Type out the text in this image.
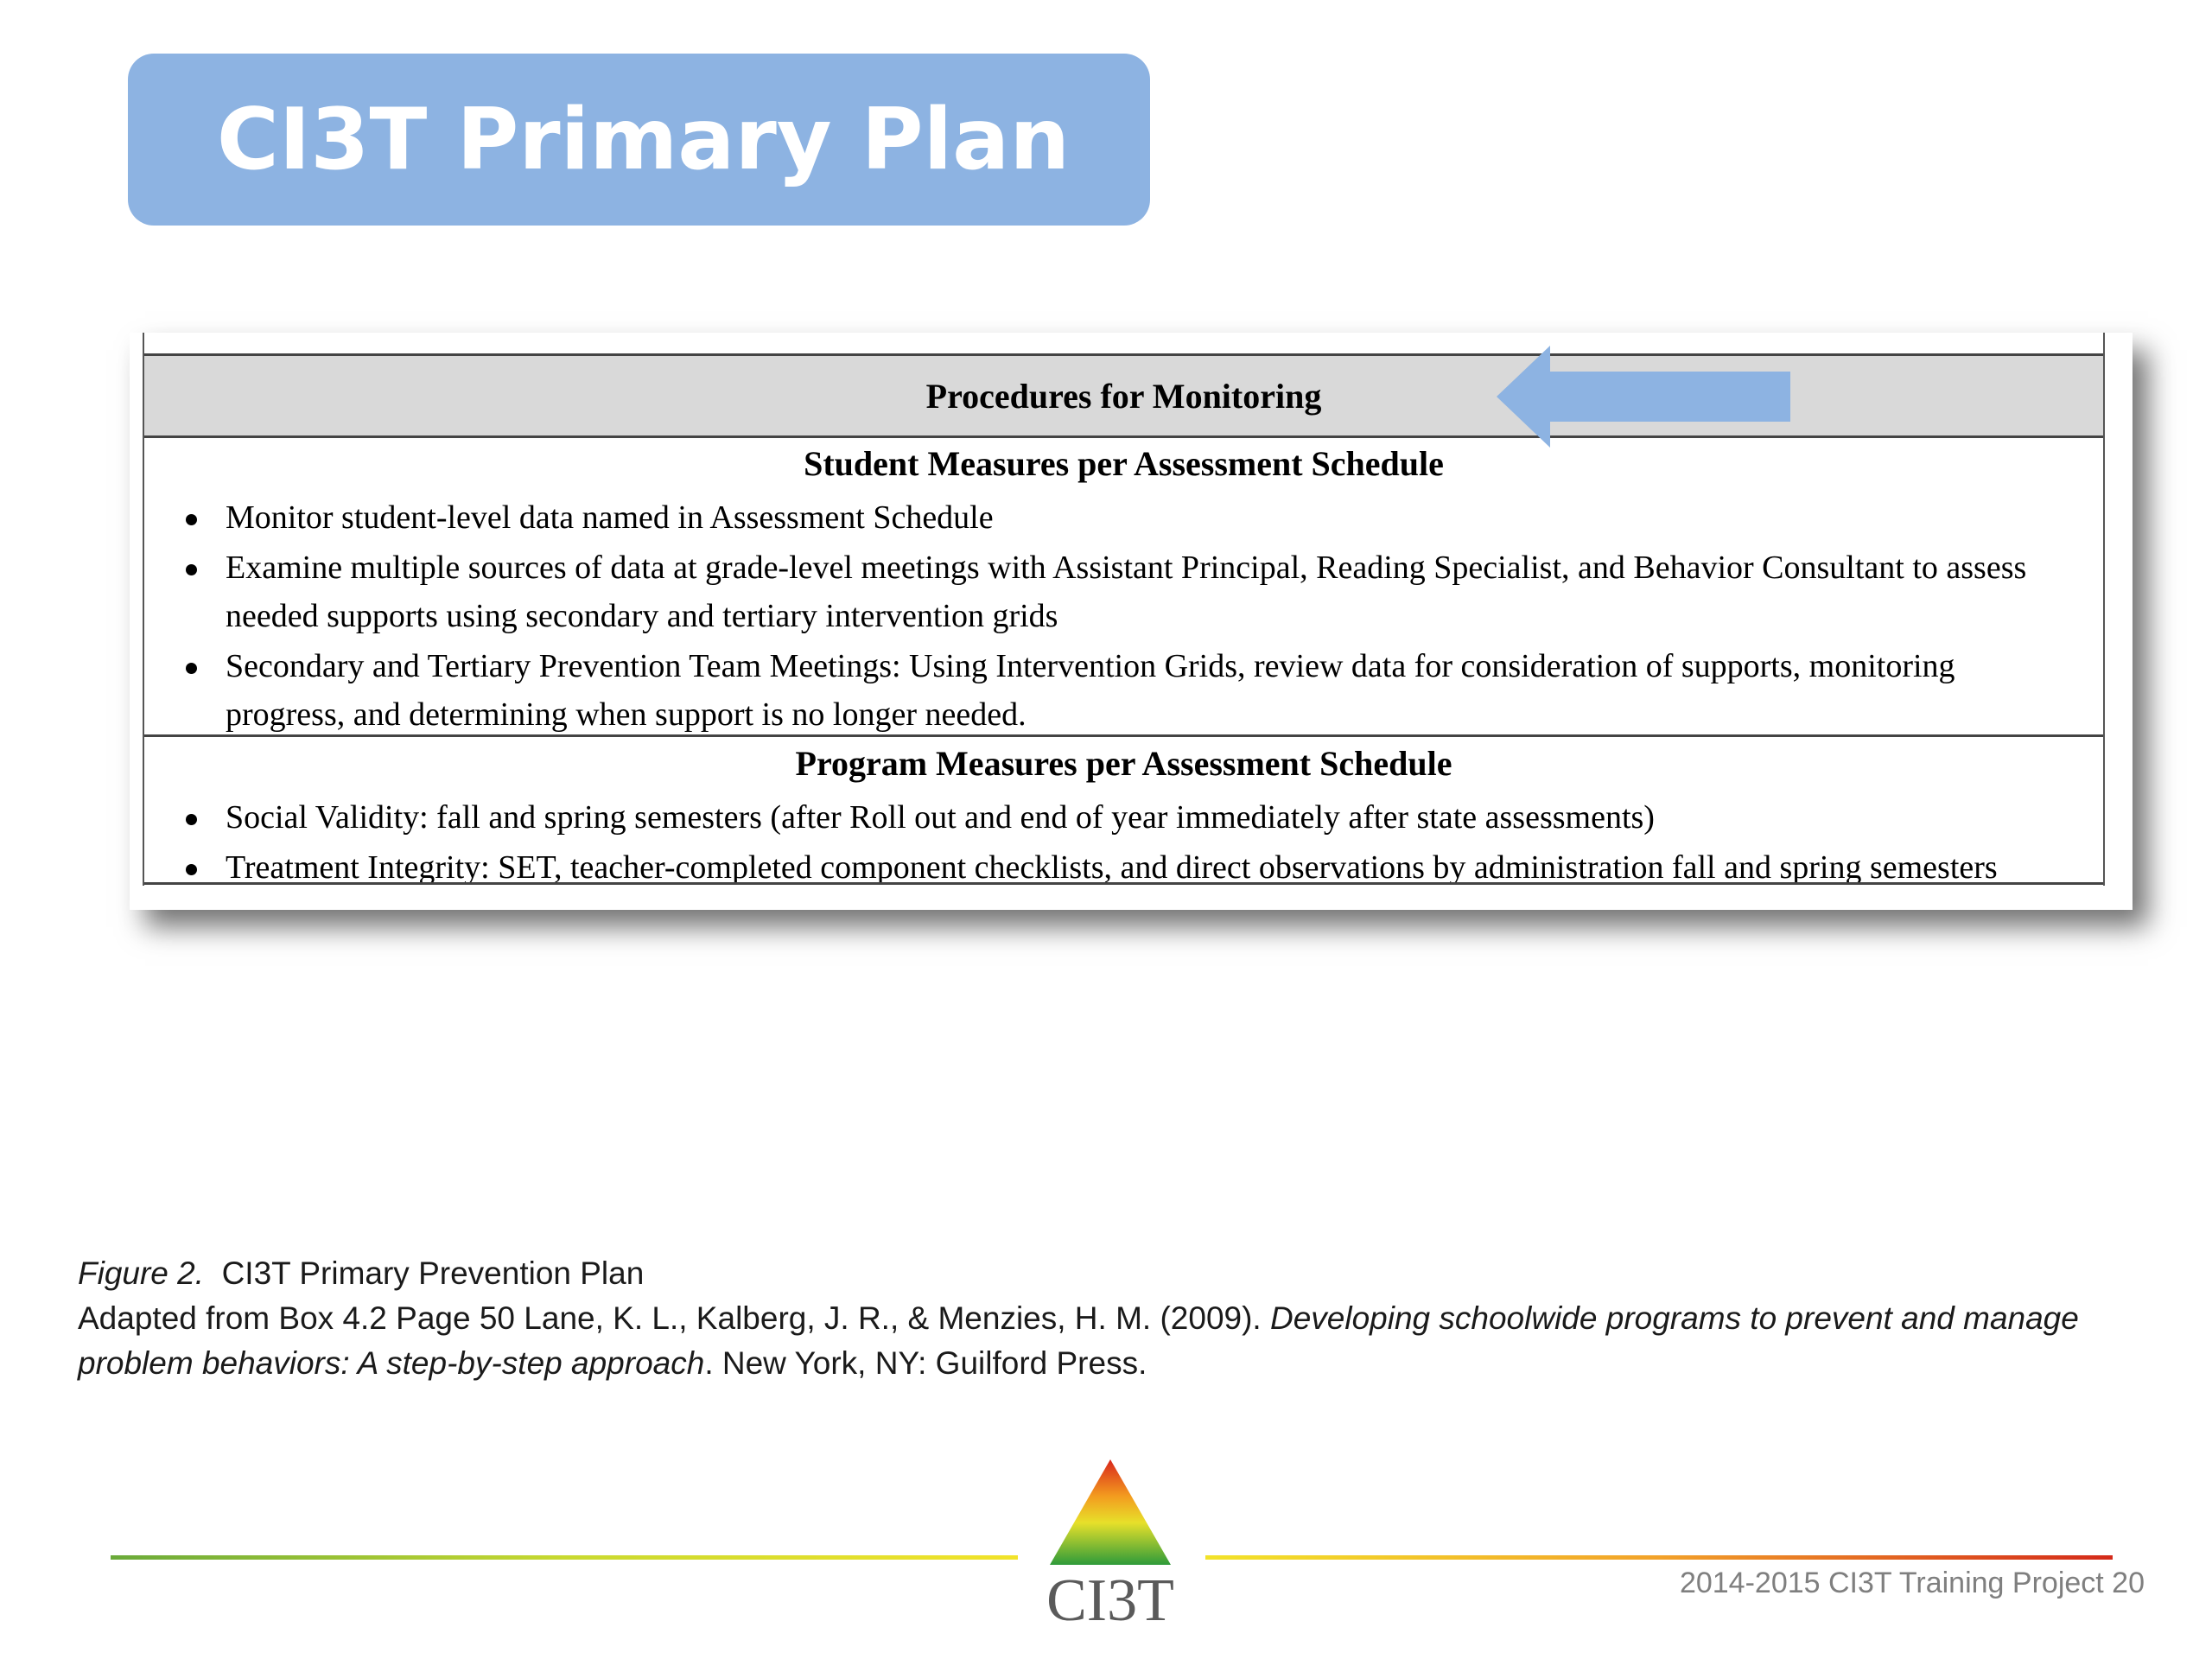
CI3T Primary Plan
Procedures for Monitoring
Student Measures per Assessment Schedule
Monitor student-level data named in Assessment Schedule
Examine multiple sources of data at grade-level meetings with Assistant Principal, Reading Specialist, and Behavior Consultant to assess needed supports using secondary and tertiary intervention grids
Secondary and Tertiary Prevention Team Meetings: Using Intervention Grids, review data for consideration of supports, monitoring progress, and determining when support is no longer needed.
Program Measures per Assessment Schedule
Social Validity: fall and spring semesters (after Roll out and end of year immediately after state assessments)
Treatment Integrity: SET, teacher-completed component checklists, and direct observations by administration fall and spring semesters
Figure 2. CI3T Primary Prevention Plan
Adapted from Box 4.2 Page 50 Lane, K. L., Kalberg, J. R., & Menzies, H. M. (2009). Developing schoolwide programs to prevent and manage problem behaviors: A step-by-step approach. New York, NY: Guilford Press.
CI3T	2014-2015 CI3T Training Project 20
